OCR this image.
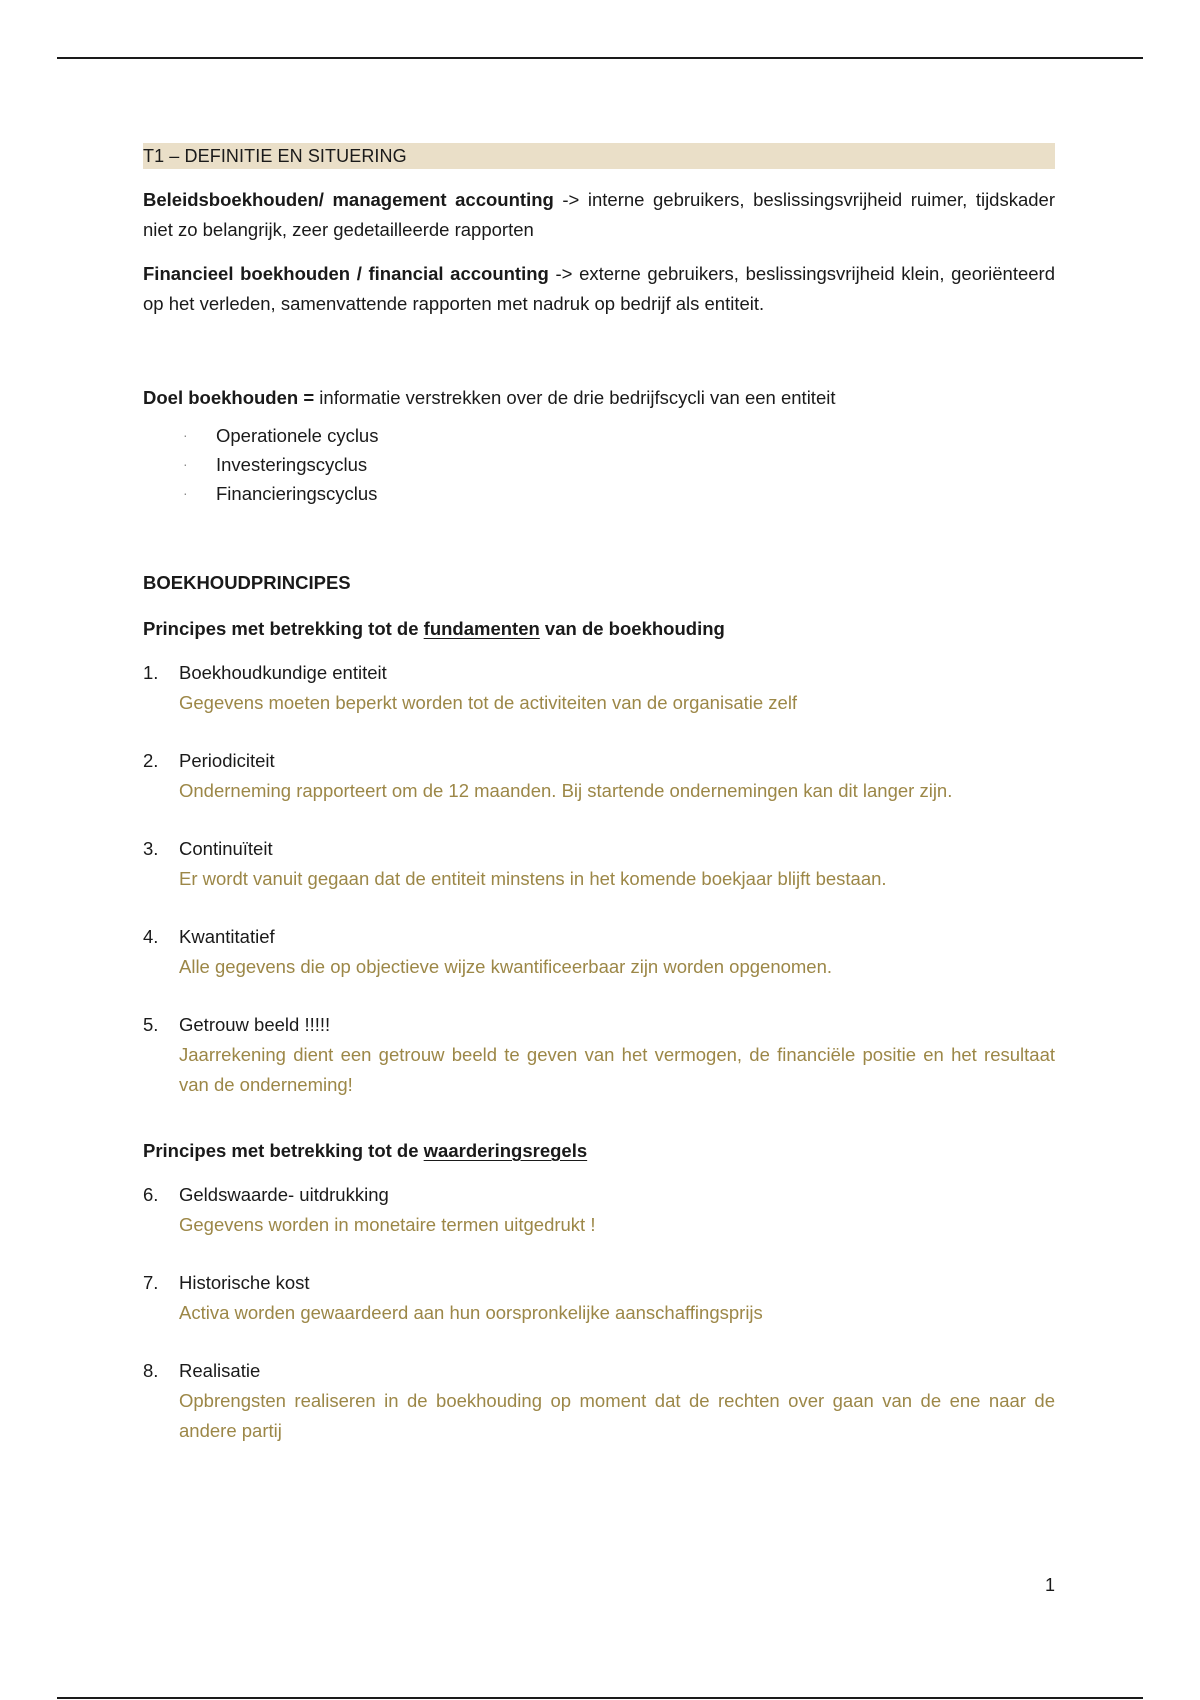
T1 – DEFINITIE EN SITUERING

Beleidsboekhouden/ management accounting -> interne gebruikers, beslissingsvrijheid ruimer, tijdskader niet zo belangrijk, zeer gedetailleerde rapporten

Financieel boekhouden / financial accounting -> externe gebruikers, beslissingsvrijheid klein, georiënteerd op het verleden, samenvattende rapporten met nadruk op bedrijf als entiteit.

Doel boekhouden = informatie verstrekken over de drie bedrijfscycli van een entiteit

· Operationele cyclus
· Investeringscyclus
· Financieringscyclus

BOEKHOUDPRINCIPES

Principes met betrekking tot de fundamenten van de boekhouding

1. Boekhoudkundige entiteit

Gegevens moeten beperkt worden tot de activiteiten van de organisatie zelf

2. Periodiciteit

Onderneming rapporteert om de 12 maanden. Bij startende ondernemingen kan dit langer zijn.

3. Continuïteit

Er wordt vanuit gegaan dat de entiteit minstens in het komende boekjaar blijft bestaan.

4. Kwantitatief

Alle gegevens die op objectieve wijze kwantificeerbaar zijn worden opgenomen.

5. Getrouw beeld !!!!!

Jaarrekening dient een getrouw beeld te geven van het vermogen, de financiële positie en het resultaat van de onderneming!

Principes met betrekking tot de waarderingsregels

6. Geldswaarde- uitdrukking

Gegevens worden in monetaire termen uitgedrukt !

7. Historische kost

Activa worden gewaardeerd aan hun oorspronkelijke aanschaffingsprijs

8. Realisatie

Opbrengsten realiseren in de boekhouding op moment dat de rechten over gaan van de ene naar de andere partij

1
